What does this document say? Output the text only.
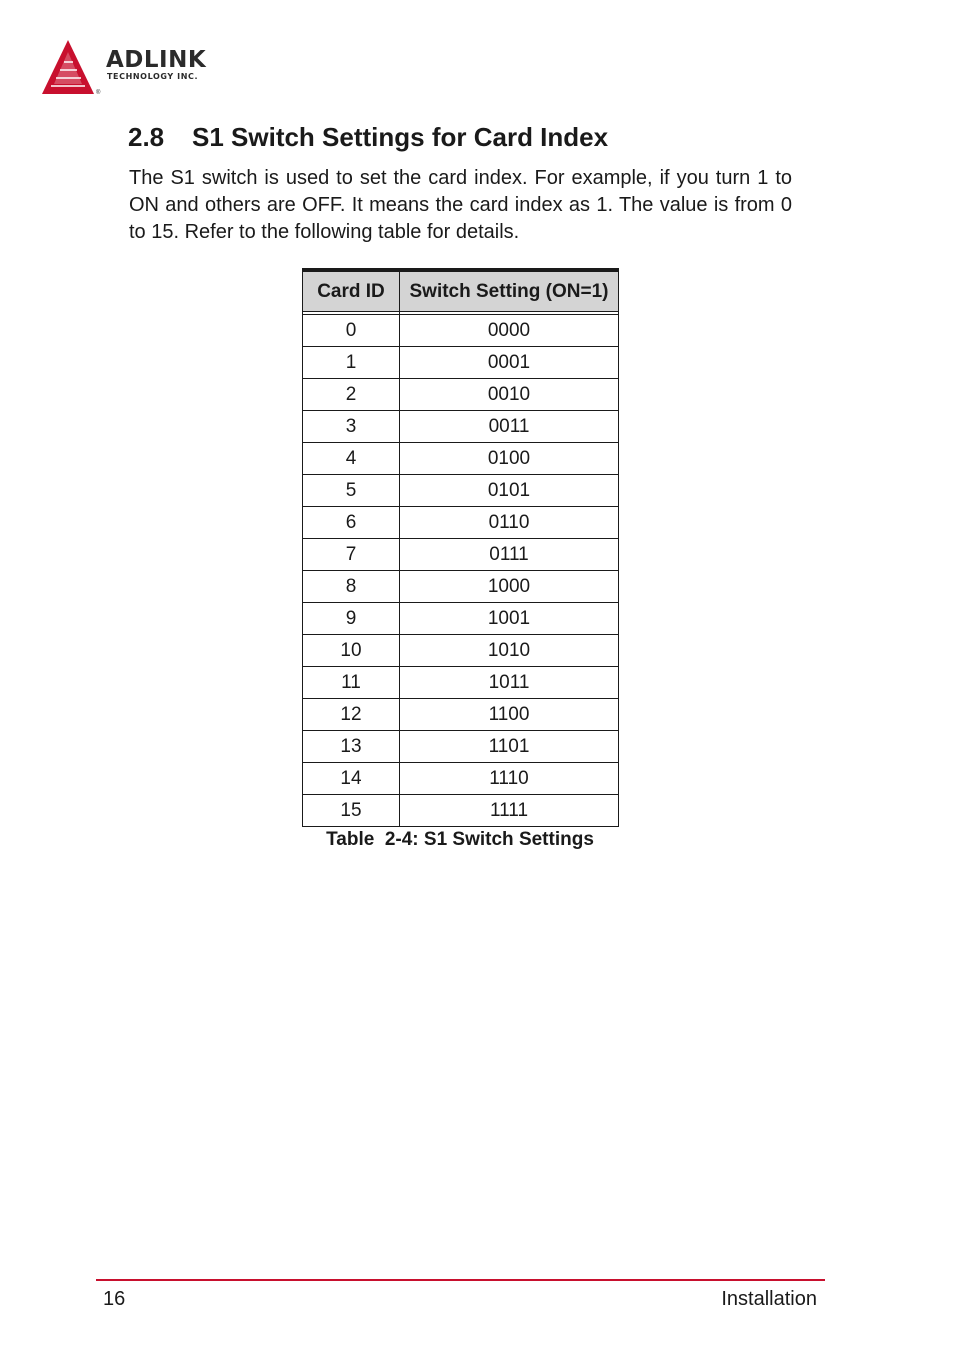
ADLINK
TECHNOLOGY INC.
®
2.8 S1 Switch Settings for Card Index

The S1 switch is used to set the card index. For example, if you turn 1 to ON and others are OFF. It means the card index as 1. The value is from 0 to 15. Refer to the following table for details.

Card ID	Switch Setting (ON=1)

0	0000
1	0001
2	0010
3	0011
4	0100
5	0101
6	0110
7	0111
8	1000
9	1001
10	1010
11	1011
12	1100
13	1101
14	1110
15	1111
Table  2-4: S1 Switch Settings
16	Installation
